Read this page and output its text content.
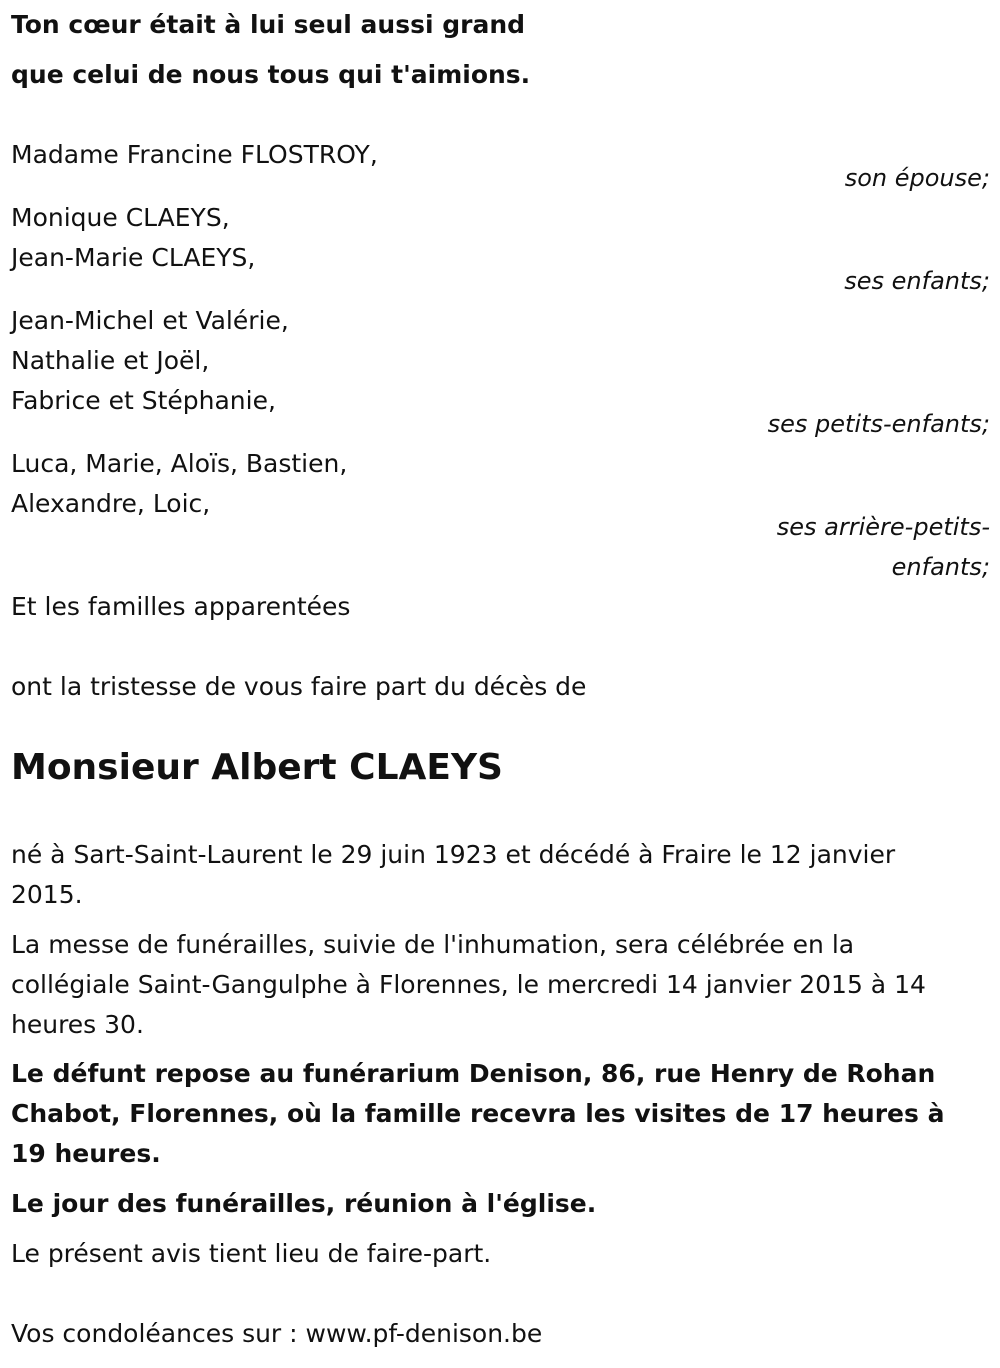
Ton cœur était à lui seul aussi grand
que celui de nous tous qui t'aimions.
Madame Francine FLOSTROY,
son épouse;
Monique CLAEYS,
Jean-Marie CLAEYS,
ses enfants;
Jean-Michel et Valérie,
Nathalie et Joël,
Fabrice et Stéphanie,
ses petits-enfants;
Luca, Marie, Aloïs, Bastien,
Alexandre, Loic,
ses arrière-petits-
enfants;
Et les familles apparentées
ont la tristesse de vous faire part du décès de
Monsieur Albert CLAEYS
né à Sart-Saint-Laurent le 29 juin 1923 et décédé à Fraire le 12 janvier 2015.
La messe de funérailles, suivie de l'inhumation, sera célébrée en la collégiale Saint-Gangulphe à Florennes, le mercredi 14 janvier 2015 à 14 heures 30.
Le défunt repose au funérarium Denison, 86, rue Henry de Rohan Chabot, Florennes, où la famille recevra les visites de 17 heures à 19 heures.
Le jour des funérailles, réunion à l'église.
Le présent avis tient lieu de faire-part.
Vos condoléances sur : www.pf-denison.be
